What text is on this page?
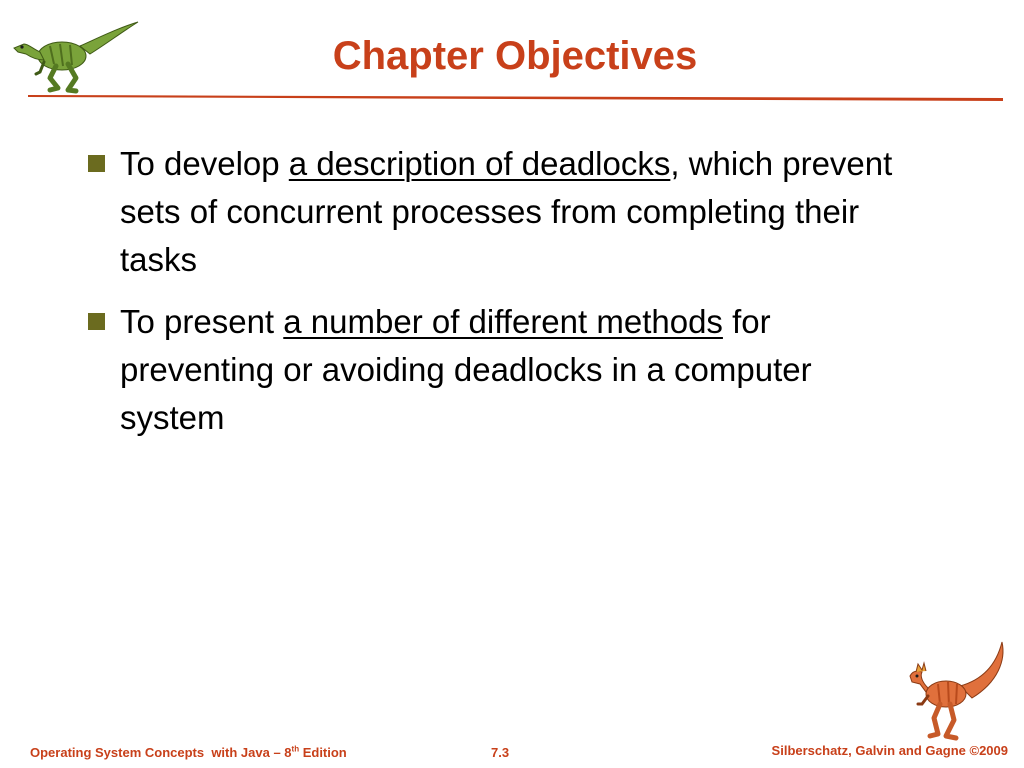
Chapter Objectives
To develop a description of deadlocks, which prevent sets of concurrent processes from completing their tasks
To present a number of different methods for preventing or avoiding deadlocks in a computer system
Operating System Concepts  with Java – 8th Edition	7.3	Silberschatz, Galvin and Gagne ©2009
